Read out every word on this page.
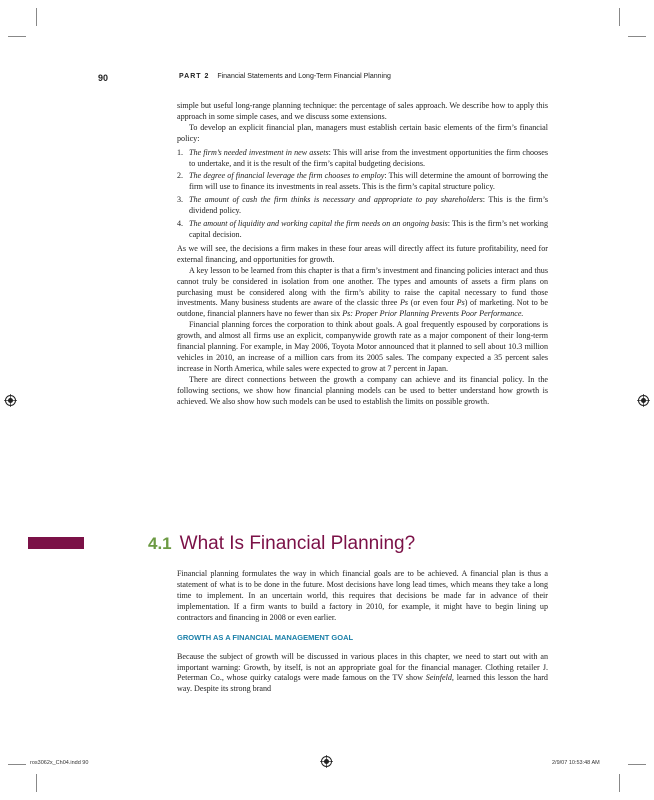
90	PART 2 Financial Statements and Long-Term Financial Planning

simple but useful long-range planning technique: the percentage of sales approach. We describe how to apply this approach in some simple cases, and we discuss some extensions.

To develop an explicit financial plan, managers must establish certain basic elements of the firm’s financial policy:

1. The firm’s needed investment in new assets: This will arise from the investment opportunities the firm chooses to undertake, and it is the result of the firm’s capital budgeting decisions.
2. The degree of financial leverage the firm chooses to employ: This will determine the amount of borrowing the firm will use to finance its investments in real assets. This is the firm’s capital structure policy.
3. The amount of cash the firm thinks is necessary and appropriate to pay shareholders: This is the firm’s dividend policy.
4. The amount of liquidity and working capital the firm needs on an ongoing basis: This is the firm’s net working capital decision.

As we will see, the decisions a firm makes in these four areas will directly affect its future profitability, need for external financing, and opportunities for growth.

A key lesson to be learned from this chapter is that a firm’s investment and financing policies interact and thus cannot truly be considered in isolation from one another. The types and amounts of assets a firm plans on purchasing must be considered along with the firm’s ability to raise the capital necessary to fund those investments. Many business students are aware of the classic three Ps (or even four Ps) of marketing. Not to be outdone, financial planners have no fewer than six Ps: Proper Prior Planning Prevents Poor Performance.

Financial planning forces the corporation to think about goals. A goal frequently espoused by corporations is growth, and almost all firms use an explicit, companywide growth rate as a major component of their long-term financial planning. For example, in May 2006, Toyota Motor announced that it planned to sell about 10.3 million vehicles in 2010, an increase of a million cars from its 2005 sales. The company expected a 35 percent sales increase in North America, while sales were expected to grow at 7 percent in Japan.

There are direct connections between the growth a company can achieve and its financial policy. In the following sections, we show how financial planning models can be used to better understand how growth is achieved. We also show how such models can be used to establish the limits on possible growth.

4.1 What Is Financial Planning?

Financial planning formulates the way in which financial goals are to be achieved. A financial plan is thus a statement of what is to be done in the future. Most decisions have long lead times, which means they take a long time to implement. In an uncertain world, this requires that decisions be made far in advance of their implementation. If a firm wants to build a factory in 2010, for example, it might have to begin lining up contractors and financing in 2008 or even earlier.

GROWTH AS A FINANCIAL MANAGEMENT GOAL

Because the subject of growth will be discussed in various places in this chapter, we need to start out with an important warning: Growth, by itself, is not an appropriate goal for the financial manager. Clothing retailer J. Peterman Co., whose quirky catalogs were made famous on the TV show Seinfeld, learned this lesson the hard way. Despite its strong brand

ros3062x_Ch04.indd 90	2/9/07 10:53:48 AM
